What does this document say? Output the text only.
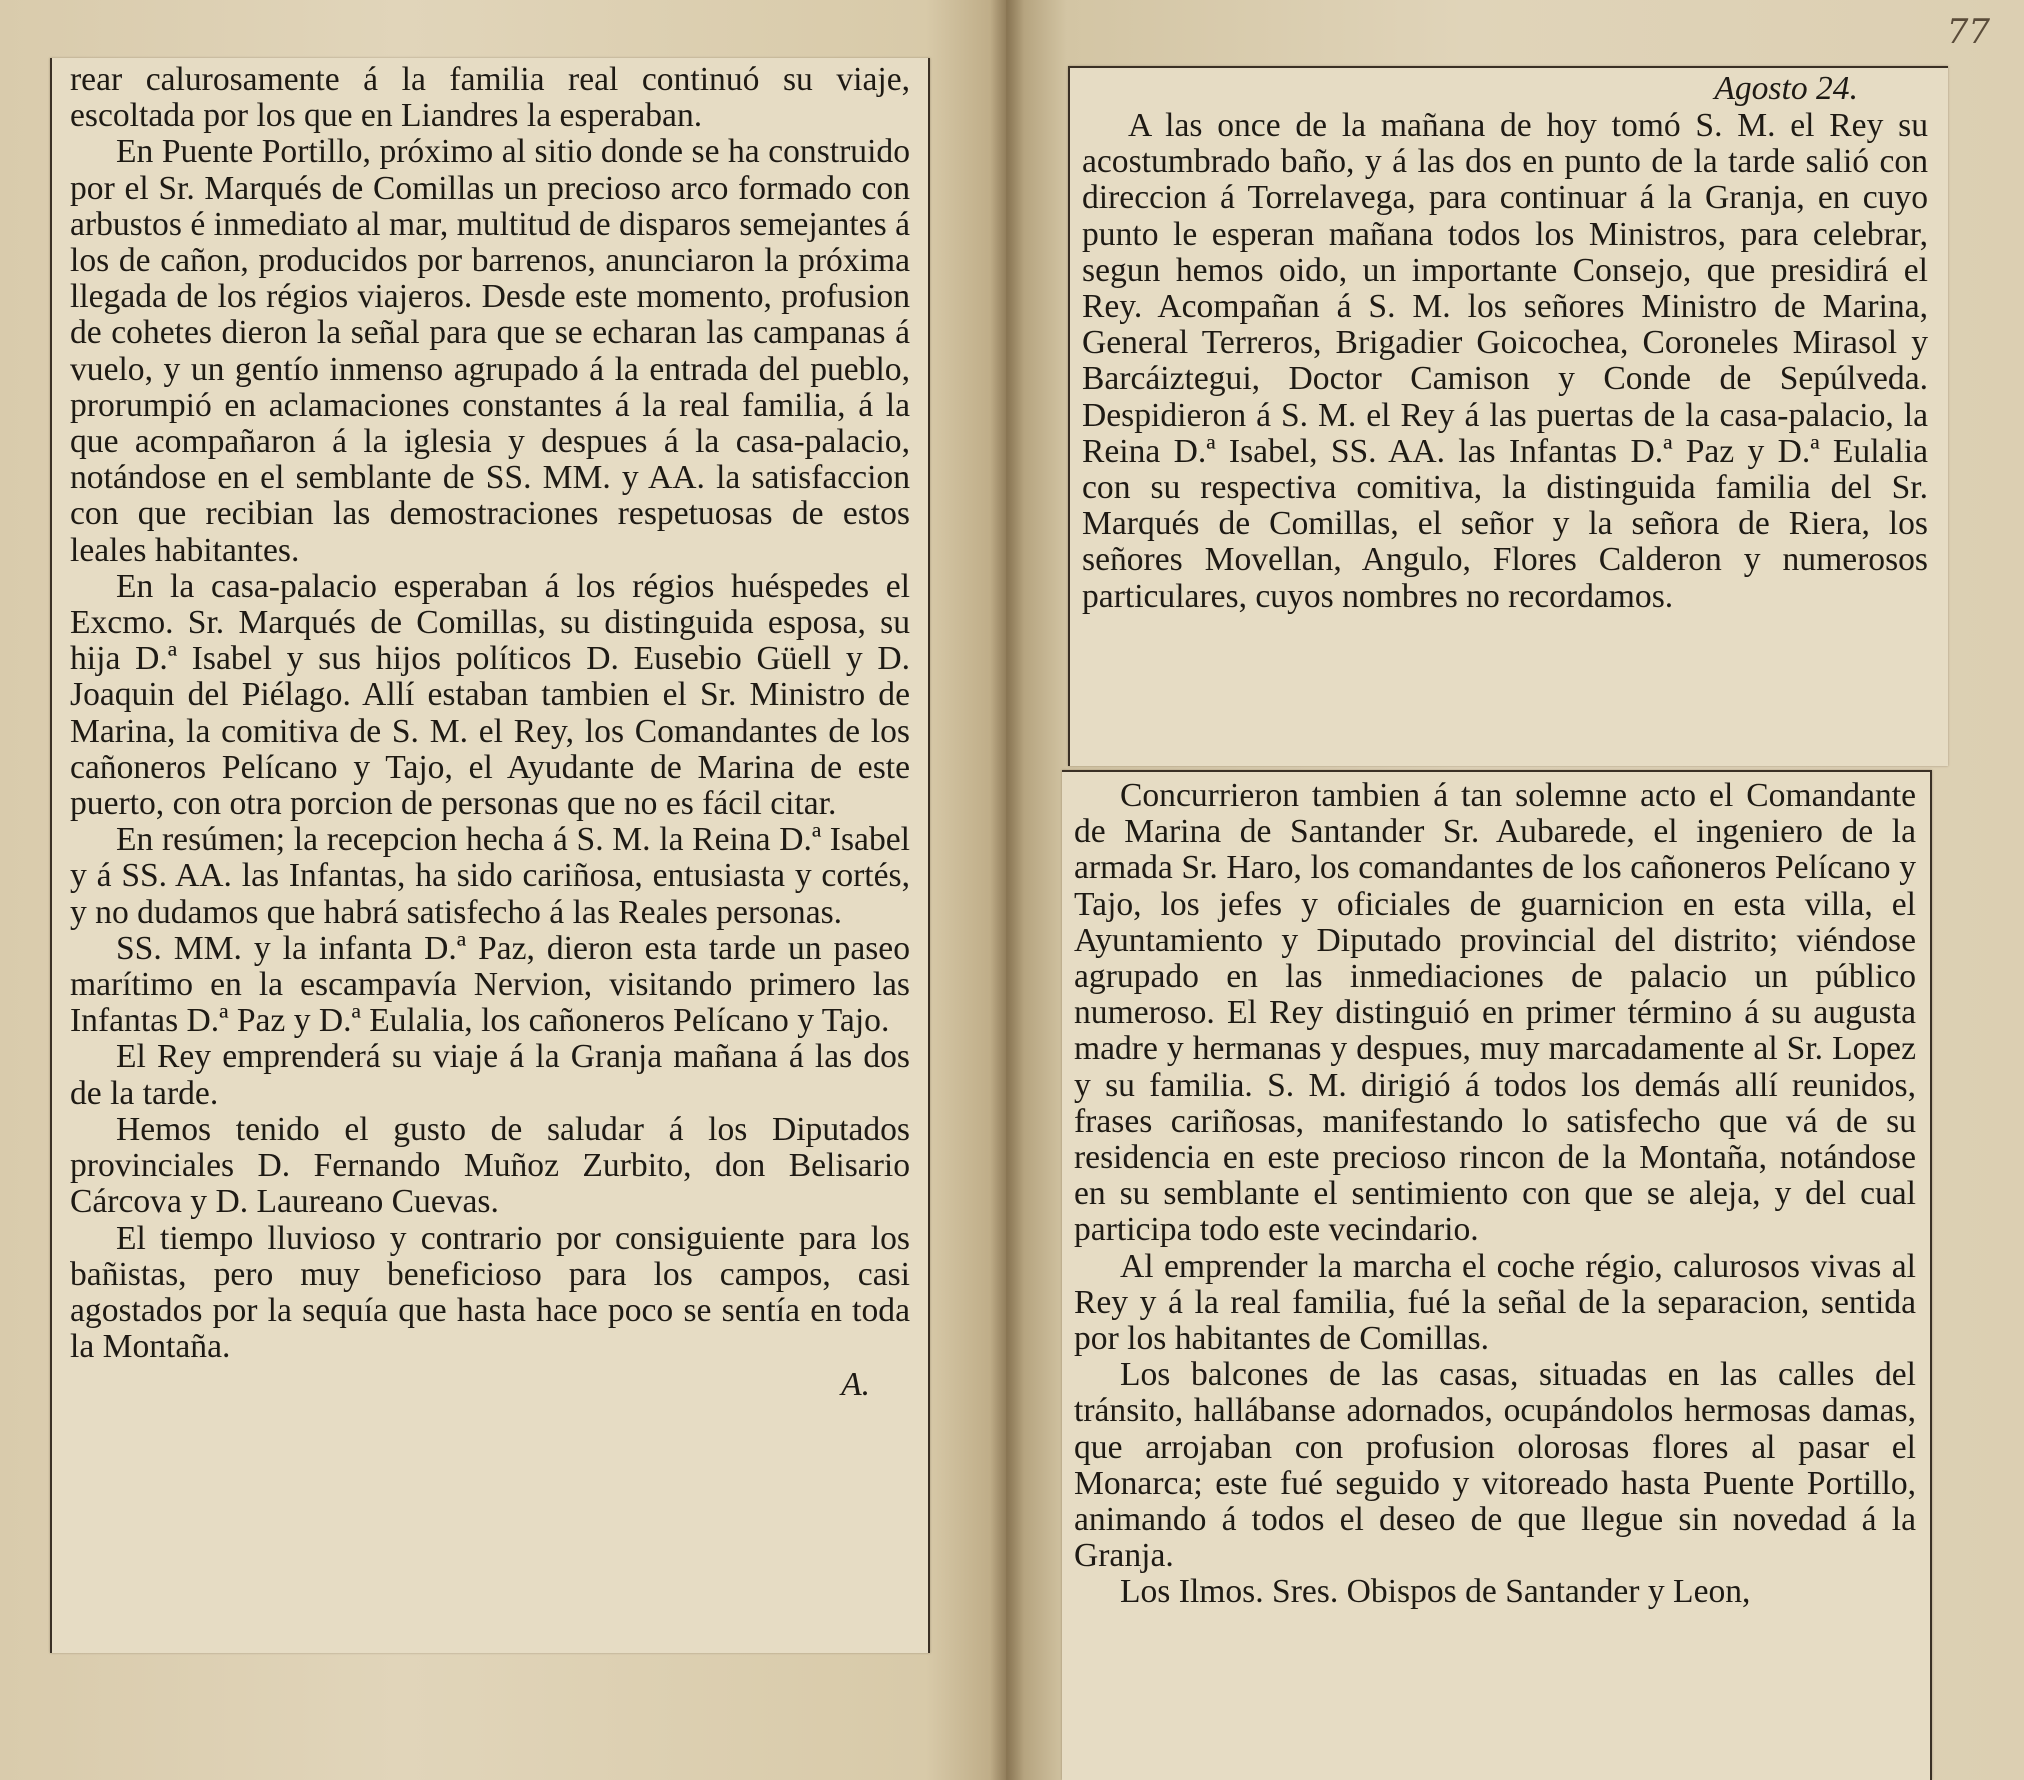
77

rear calurosamente á la familia real continuó su viaje, escoltada por los que en Liandres la esperaban.

En Puente Portillo, próximo al sitio donde se ha construido por el Sr. Marqués de Comillas un precioso arco formado con arbustos é inmediato al mar, multitud de disparos semejantes á los de cañon, producidos por barrenos, anunciaron la próxima llegada de los régios viajeros. Desde este momento, profusion de cohetes dieron la señal para que se echaran las campanas á vuelo, y un gentío inmenso agrupado á la entrada del pueblo, prorumpió en aclamaciones constantes á la real familia, á la que acompañaron á la iglesia y despues á la casa-palacio, notándose en el semblante de SS. MM. y AA. la satisfaccion con que recibian las demostraciones respetuosas de estos leales habitantes.

En la casa-palacio esperaban á los régios huéspedes el Excmo. Sr. Marqués de Comillas, su distinguida esposa, su hija D.ª Isabel y sus hijos políticos D. Eusebio Güell y D. Joaquin del Piélago. Allí estaban tambien el Sr. Ministro de Marina, la comitiva de S. M. el Rey, los Comandantes de los cañoneros Pelícano y Tajo, el Ayudante de Marina de este puerto, con otra porcion de personas que no es fácil citar.

En resúmen; la recepcion hecha á S. M. la Reina D.ª Isabel y á SS. AA. las Infantas, ha sido cariñosa, entusiasta y cortés, y no dudamos que habrá satisfecho á las Reales personas.

SS. MM. y la infanta D.ª Paz, dieron esta tarde un paseo marítimo en la escampavía Nervion, visitando primero las Infantas D.ª Paz y D.ª Eulalia, los cañoneros Pelícano y Tajo.

El Rey emprenderá su viaje á la Granja mañana á las dos de la tarde.

Hemos tenido el gusto de saludar á los Diputados provinciales D. Fernando Muñoz Zurbito, don Belisario Cárcova y D. Laureano Cuevas.

El tiempo lluvioso y contrario por consiguiente para los bañistas, pero muy beneficioso para los campos, casi agostados por la sequía que hasta hace poco se sentía en toda la Montaña.

A.
Agosto 24.

A las once de la mañana de hoy tomó S. M. el Rey su acostumbrado baño, y á las dos en punto de la tarde salió con direccion á Torrelavega, para continuar á la Granja, en cuyo punto le esperan mañana todos los Ministros, para celebrar, segun hemos oido, un importante Consejo, que presidirá el Rey. Acompañan á S. M. los señores Ministro de Marina, General Terreros, Brigadier Goicochea, Coroneles Mirasol y Barcáiztegui, Doctor Camison y Conde de Sepúlveda. Despidieron á S. M. el Rey á las puertas de la casa-palacio, la Reina D.ª Isabel, SS. AA. las Infantas D.ª Paz y D.ª Eulalia con su respectiva comitiva, la distinguida familia del Sr. Marqués de Comillas, el señor y la señora de Riera, los señores Movellan, Angulo, Flores Calderon y numerosos particulares, cuyos nombres no recordamos.

Concurrieron tambien á tan solemne acto el Comandante de Marina de Santander Sr. Aubarede, el ingeniero de la armada Sr. Haro, los comandantes de los cañoneros Pelícano y Tajo, los jefes y oficiales de guarnicion en esta villa, el Ayuntamiento y Diputado provincial del distrito; viéndose agrupado en las inmediaciones de palacio un público numeroso. El Rey distinguió en primer término á su augusta madre y hermanas y despues, muy marcadamente al Sr. Lopez y su familia. S. M. dirigió á todos los demás allí reunidos, frases cariñosas, manifestando lo satisfecho que vá de su residencia en este precioso rincon de la Montaña, notándose en su semblante el sentimiento con que se aleja, y del cual participa todo este vecindario.

Al emprender la marcha el coche régio, calurosos vivas al Rey y á la real familia, fué la señal de la separacion, sentida por los habitantes de Comillas.

Los balcones de las casas, situadas en las calles del tránsito, hallábanse adornados, ocupándolos hermosas damas, que arrojaban con profusion olorosas flores al pasar el Monarca; este fué seguido y vitoreado hasta Puente Portillo, animando á todos el deseo de que llegue sin novedad á la Granja.

Los Ilmos. Sres. Obispos de Santander y Leon,
